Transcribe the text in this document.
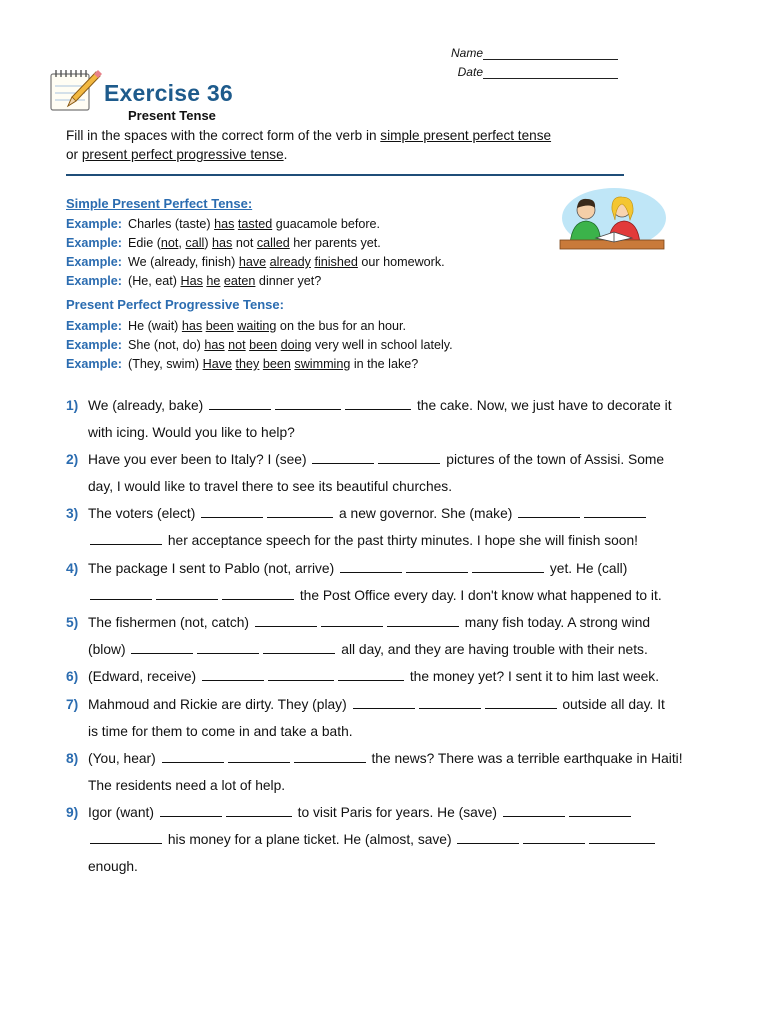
Name
Date
Exercise 36
Present Tense
Fill in the spaces with the correct form of the verb in simple present perfect tense
or present perfect progressive tense.
Simple Present Perfect Tense:
Example: Charles (taste) has tasted guacamole before.
Example: Edie (not, call) has not called her parents yet.
Example: We (already, finish) have already finished our homework.
Example: (He, eat) Has he eaten dinner yet?
Present Perfect Progressive Tense:
Example: He (wait) has been waiting on the bus for an hour.
Example: She (not, do) has not been doing very well in school lately.
Example: (They, swim) Have they been swimming in the lake?
1) We (already, bake)	the cake. Now, we just have to decorate it
with icing. Would you like to help?
2) Have you ever been to Italy? I (see)	pictures of the town of Assisi. Some
day, I would like to travel there to see its beautiful churches.
3) The voters (elect)	a new governor. She (make)
her acceptance speech for the past thirty minutes. I hope she will finish soon!
4) The package I sent to Pablo (not, arrive)	yet. He (call)
the Post Office every day. I don't know what happened to it.
5) The fishermen (not, catch)	many fish today. A strong wind
(blow)	all day, and they are having trouble with their nets.
6) (Edward, receive)	the money yet? I sent it to him last week.
7) Mahmoud and Rickie are dirty. They (play)	outside all day. It
is time for them to come in and take a bath.
8) (You, hear)	the news? There was a terrible earthquake in Haiti!
The residents need a lot of help.
9) Igor (want)	to visit Paris for years. He (save)
his money for a plane ticket. He (almost, save)
enough.
